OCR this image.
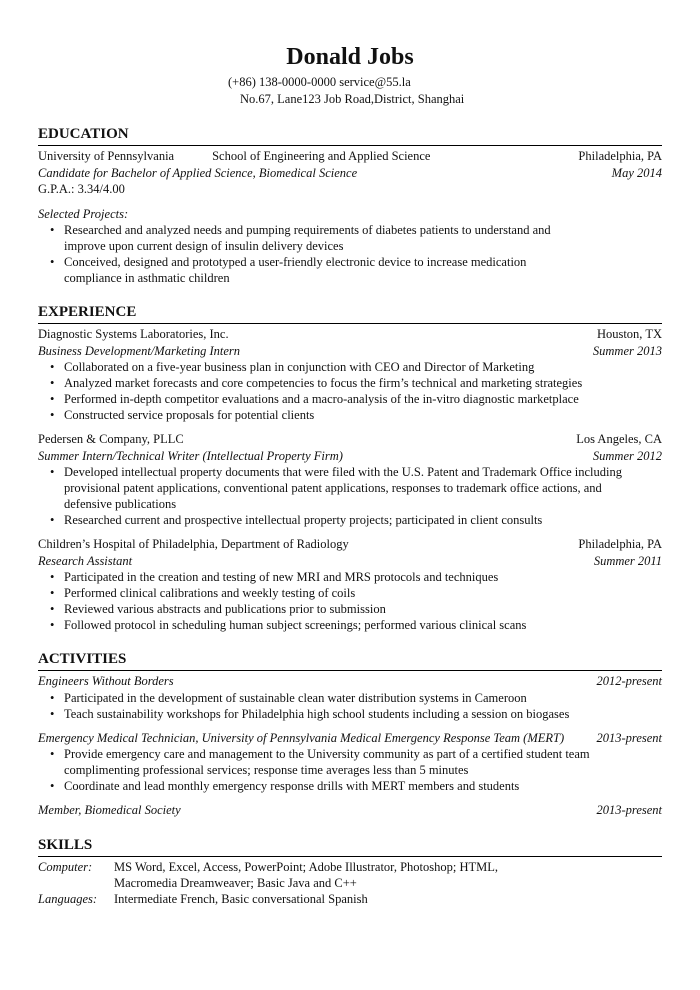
Donald Jobs
(+86) 138-0000-0000 service@55.la
No.67, Lane123 Job Road,District, Shanghai
EDUCATION
University of Pennsylvania	School of Engineering and Applied Science	Philadelphia, PA
Candidate for Bachelor of Applied Science, Biomedical Science	May 2014
G.P.A.: 3.34/4.00
Selected Projects:
• Researched and analyzed needs and pumping requirements of diabetes patients to understand and improve upon current design of insulin delivery devices
• Conceived, designed and prototyped a user-friendly electronic device to increase medication compliance in asthmatic children
EXPERIENCE
Diagnostic Systems Laboratories, Inc.	Houston, TX
Business Development/Marketing Intern	Summer 2013
• Collaborated on a five-year business plan in conjunction with CEO and Director of Marketing
• Analyzed market forecasts and core competencies to focus the firm’s technical and marketing strategies
• Performed in-depth competitor evaluations and a macro-analysis of the in-vitro diagnostic marketplace
• Constructed service proposals for potential clients
Pedersen & Company, PLLC	Los Angeles, CA
Summer Intern/Technical Writer (Intellectual Property Firm)	Summer 2012
• Developed intellectual property documents that were filed with the U.S. Patent and Trademark Office including provisional patent applications, conventional patent applications, responses to trademark office actions, and defensive publications
• Researched current and prospective intellectual property projects; participated in client consults
Children’s Hospital of Philadelphia, Department of Radiology	Philadelphia, PA
Research Assistant	Summer 2011
• Participated in the creation and testing of new MRI and MRS protocols and techniques
• Performed clinical calibrations and weekly testing of coils
• Reviewed various abstracts and publications prior to submission
• Followed protocol in scheduling human subject screenings; performed various clinical scans
ACTIVITIES
Engineers Without Borders	2012-present
• Participated in the development of sustainable clean water distribution systems in Cameroon
• Teach sustainability workshops for Philadelphia high school students including a session on biogases
Emergency Medical Technician, University of Pennsylvania Medical Emergency Response Team (MERT)	2013-present
• Provide emergency care and management to the University community as part of a certified student team complimenting professional services; response time averages less than 5 minutes
• Coordinate and lead monthly emergency response drills with MERT members and students
Member, Biomedical Society	2013-present
SKILLS
Computer:	MS Word, Excel, Access, PowerPoint; Adobe Illustrator, Photoshop; HTML, Macromedia Dreamweaver; Basic Java and C++
Languages:	Intermediate French, Basic conversational Spanish
